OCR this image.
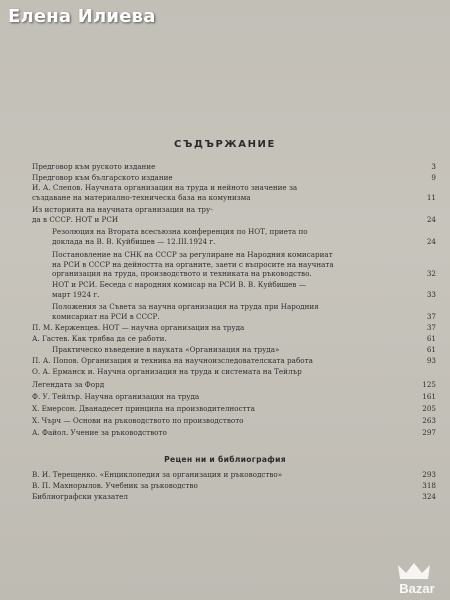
Елена Илиева
СЪДЪРЖАНИЕ
Предговор към руското издание	3
Предговор към българското издание	9
И. А. Слепов. Научната организация на труда и нейното значение за
създаване на материално-техническа база на комунизма	11
Из историята на научната организация на тру-
да в СССР. НОТ и РСИ	24
Резолюция на Втората всесъюзна конференция по НОТ, приета по
доклада на В. В. Куйбишев — 12.III.1924 г.	24
Постановление на СНК на СССР за регулиране на Народния комисариат
на РСИ в СССР на дейността на органите, заети с въпросите на научната
организация на труда, производството и техниката на ръководство.	32
НОТ и РСИ. Беседа с народния комисар на РСИ В. В. Куйбишев —
март 1924 г.	33
Положения за Съвета за научна организация на труда при Народния
комисариат на РСИ в СССР.	37
П. М. Керженцев. НОТ — научна организация на труда	37
А. Гастев. Как трябва да се работи.	61
Практическо въведение в науката «Организация на труда»	61
П. А. Попов. Организация и техника на научноизследователската работа	93
О. А. Ерманск и. Научна организация на труда и системата на Тейлър
Легендата за Форд	125
Ф. У. Тейлър. Научна организация на труда	161
Х. Емерсон. Дванадесет принципа на производителността	205
Х. Чърч — Основи на ръководството по производството	263
А. Файол. Учение за ръководството	297
Рецен ни и библиография
В. И. Терещенко. «Енциклопедия за организация и ръководство»	293
В. П. Махнорылов. Учебник за ръководство	318
Библиографски указател	324
Bazar
